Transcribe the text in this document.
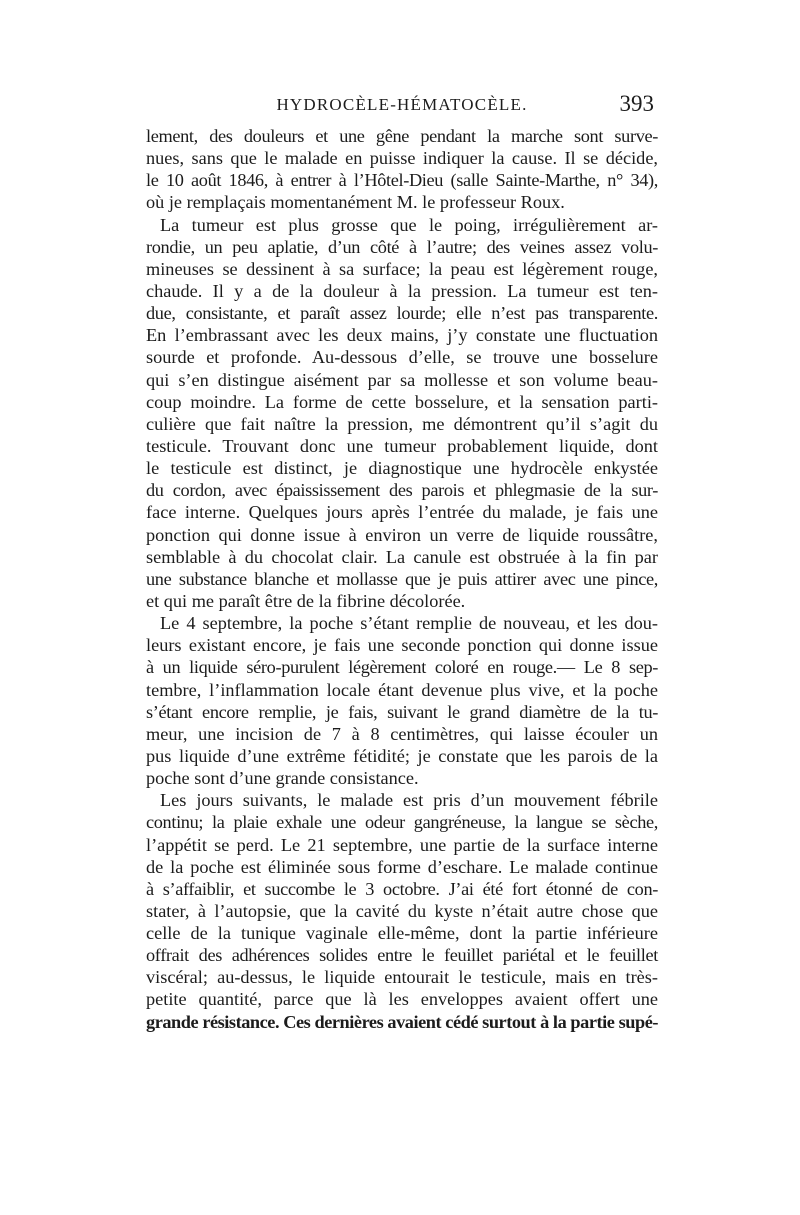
HYDROCÈLE-HÉMATOCÈLE.	393
lement, des douleurs et une gêne pendant la marche sont surve-
nues, sans que le malade en puisse indiquer la cause. Il se décide,
le 10 août 1846, à entrer à l’Hôtel-Dieu (salle Sainte-Marthe, n° 34),
où je remplaçais momentanément M. le professeur Roux.
La tumeur est plus grosse que le poing, irrégulièrement ar-
rondie, un peu aplatie, d’un côté à l’autre; des veines assez volu-
mineuses se dessinent à sa surface; la peau est légèrement rouge,
chaude. Il y a de la douleur à la pression. La tumeur est ten-
due, consistante, et paraît assez lourde; elle n’est pas transparente.
En l’embrassant avec les deux mains, j’y constate une fluctuation
sourde et profonde. Au-dessous d’elle, se trouve une bosselure
qui s’en distingue aisément par sa mollesse et son volume beau-
coup moindre. La forme de cette bosselure, et la sensation parti-
culière que fait naître la pression, me démontrent qu’il s’agit du
testicule. Trouvant donc une tumeur probablement liquide, dont
le testicule est distinct, je diagnostique une hydrocèle enkystée
du cordon, avec épaississement des parois et phlegmasie de la sur-
face interne. Quelques jours après l’entrée du malade, je fais une
ponction qui donne issue à environ un verre de liquide roussâtre,
semblable à du chocolat clair. La canule est obstruée à la fin par
une substance blanche et mollasse que je puis attirer avec une pince,
et qui me paraît être de la fibrine décolorée.
Le 4 septembre, la poche s’étant remplie de nouveau, et les dou-
leurs existant encore, je fais une seconde ponction qui donne issue
à un liquide séro-purulent légèrement coloré en rouge.— Le 8 sep-
tembre, l’inflammation locale étant devenue plus vive, et la poche
s’étant encore remplie, je fais, suivant le grand diamètre de la tu-
meur, une incision de 7 à 8 centimètres, qui laisse écouler un
pus liquide d’une extrême fétidité; je constate que les parois de la
poche sont d’une grande consistance.
Les jours suivants, le malade est pris d’un mouvement fébrile
continu; la plaie exhale une odeur gangréneuse, la langue se sèche,
l’appétit se perd. Le 21 septembre, une partie de la surface interne
de la poche est éliminée sous forme d’eschare. Le malade continue
à s’affaiblir, et succombe le 3 octobre. J’ai été fort étonné de con-
stater, à l’autopsie, que la cavité du kyste n’était autre chose que
celle de la tunique vaginale elle-même, dont la partie inférieure
offrait des adhérences solides entre le feuillet pariétal et le feuillet
viscéral; au-dessus, le liquide entourait le testicule, mais en très-
petite quantité, parce que là les enveloppes avaient offert une
grande résistance. Ces dernières avaient cédé surtout à la partie supé-
